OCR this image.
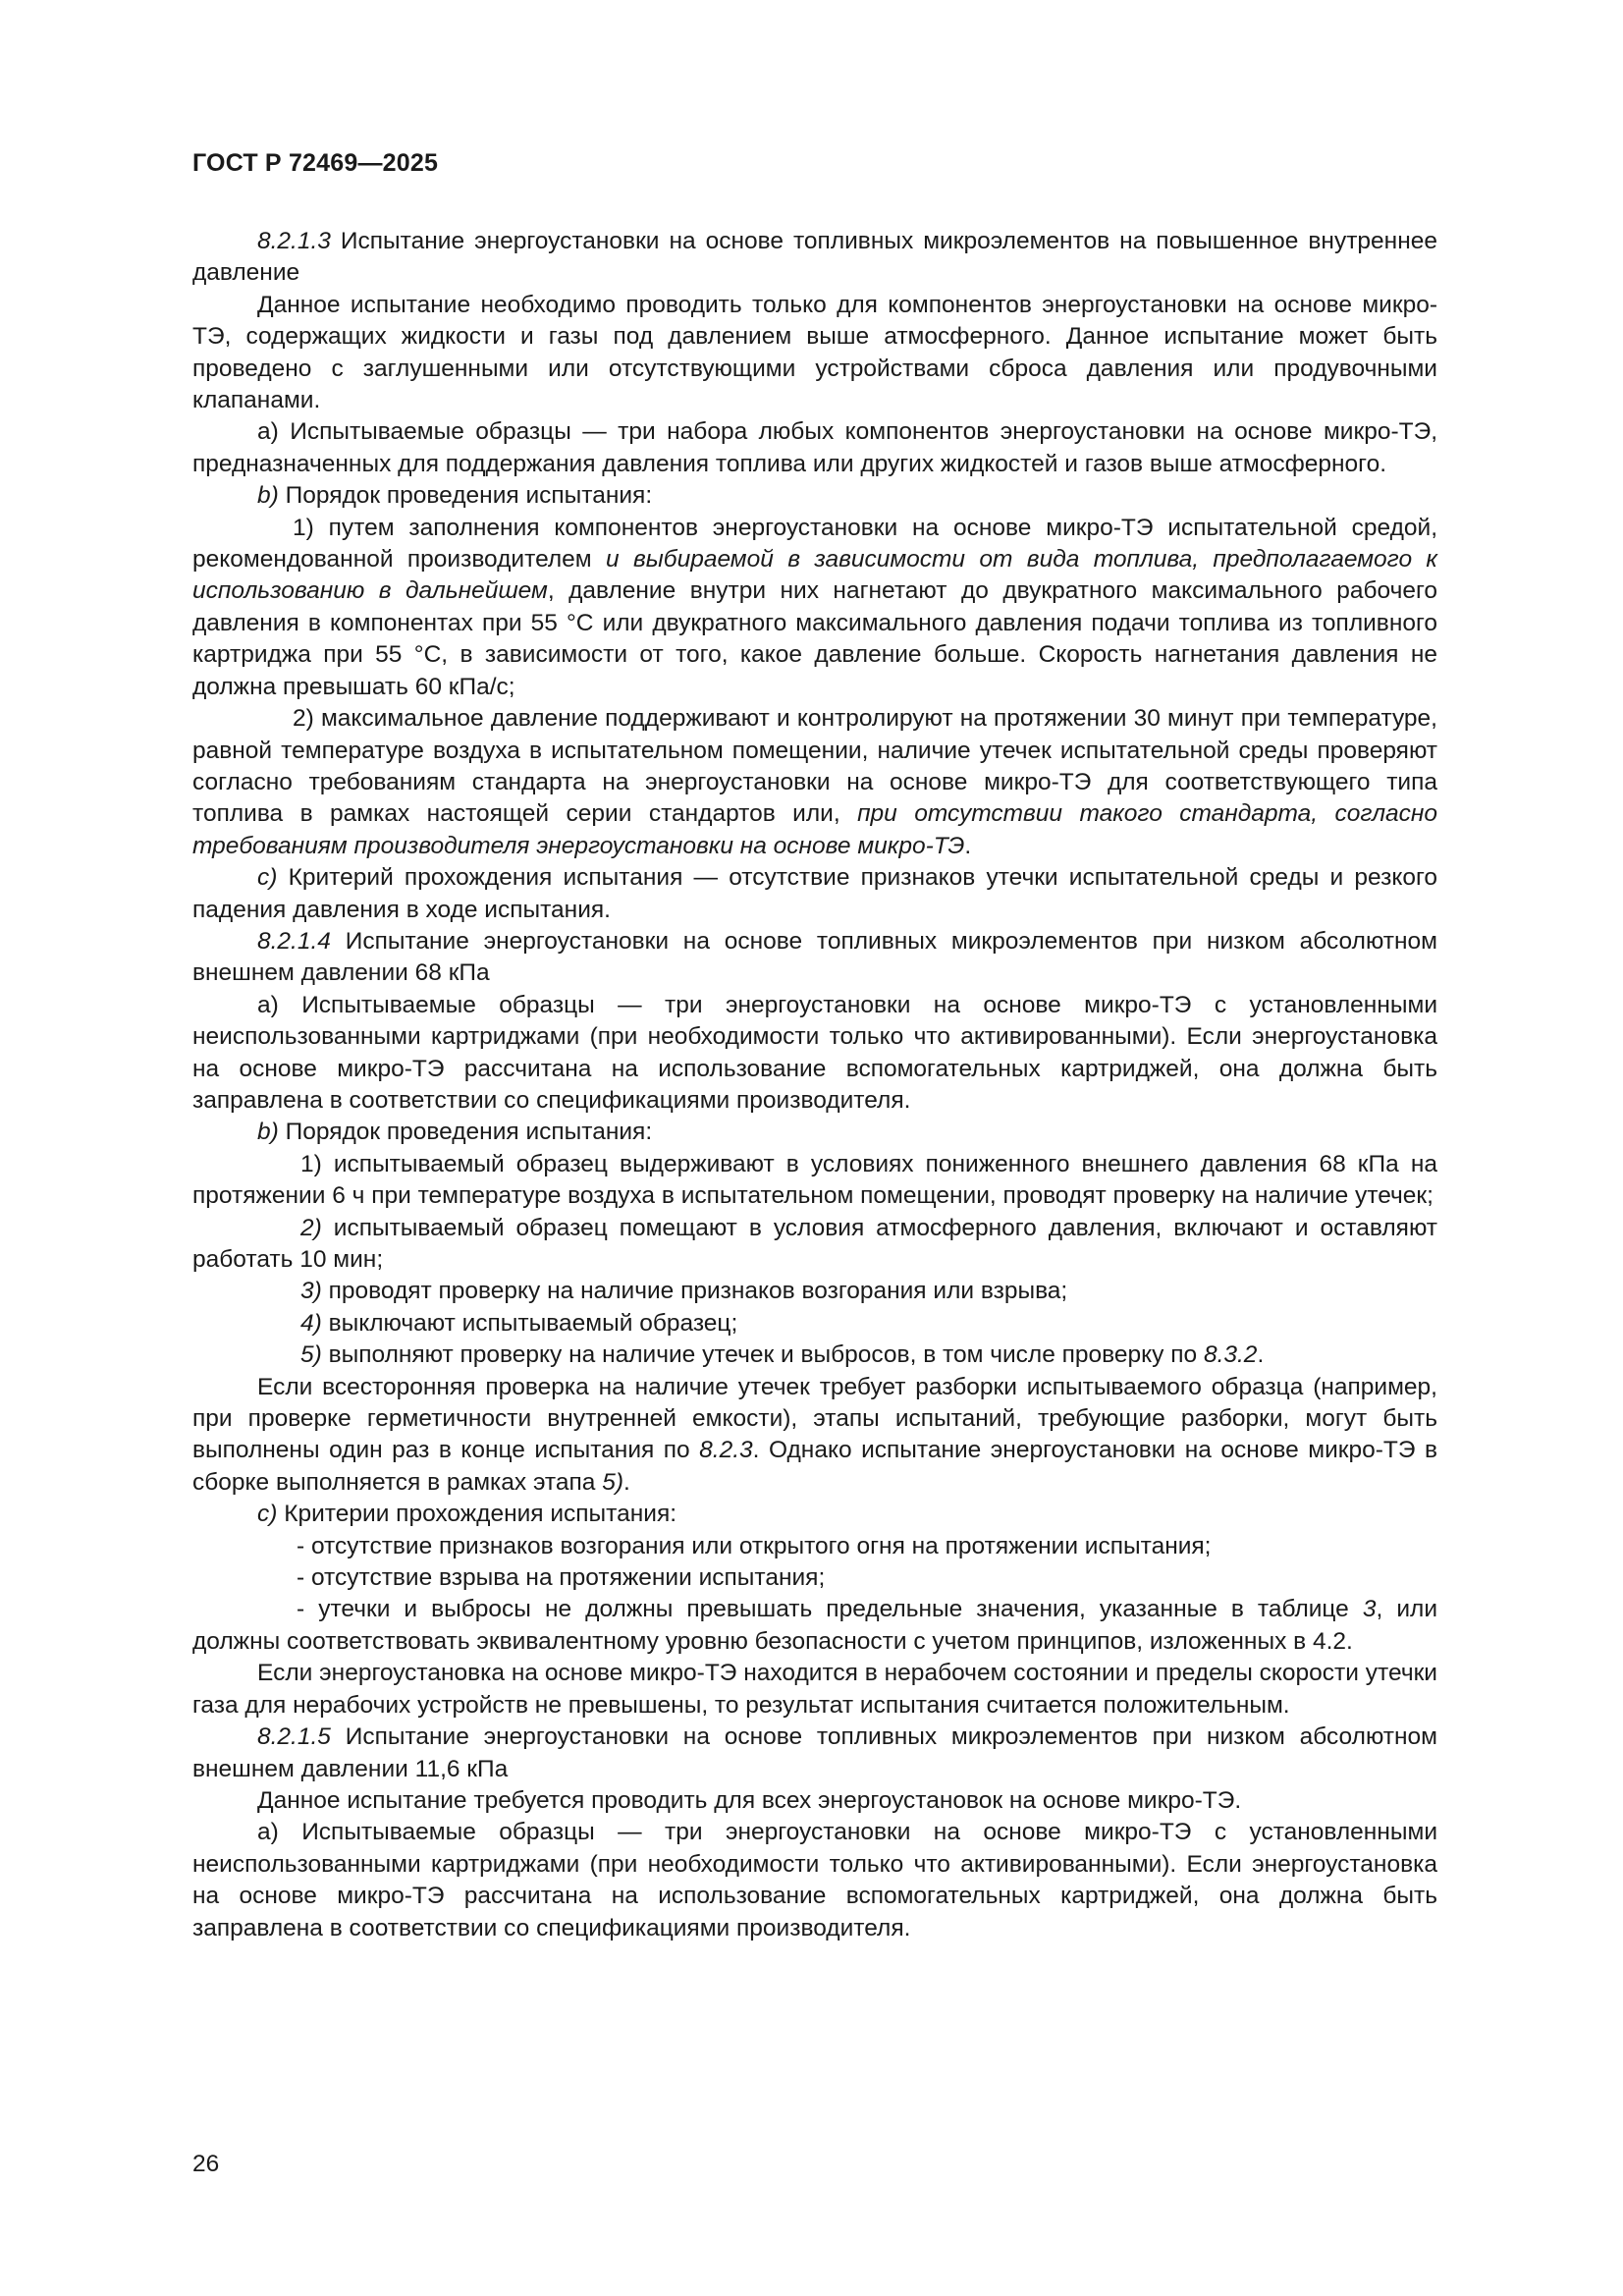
ГОСТ Р 72469—2025

8.2.1.3 Испытание энергоустановки на основе топливных микроэлементов на повышенное внутреннее давление

Данное испытание необходимо проводить только для компонентов энергоустановки на основе микро-ТЭ, содержащих жидкости и газы под давлением выше атмосферного. Данное испытание может быть проведено с заглушенными или отсутствующими устройствами сброса давления или продувочными клапанами.

а) Испытываемые образцы — три набора любых компонентов энергоустановки на основе микро-ТЭ, предназначенных для поддержания давления топлива или других жидкостей и газов выше атмосферного.

b) Порядок проведения испытания:

1) путем заполнения компонентов энергоустановки на основе микро-ТЭ испытательной средой, рекомендованной производителем и выбираемой в зависимости от вида топлива, предполагаемого к использованию в дальнейшем, давление внутри них нагнетают до двукратного максимального рабочего давления в компонентах при 55 °С или двукратного максимального давления подачи топлива из топливного картриджа при 55 °С, в зависимости от того, какое давление больше. Скорость нагнетания давления не должна превышать 60 кПа/с;

2) максимальное давление поддерживают и контролируют на протяжении 30 минут при температуре, равной температуре воздуха в испытательном помещении, наличие утечек испытательной среды проверяют согласно требованиям стандарта на энергоустановки на основе микро-ТЭ для соответствующего типа топлива в рамках настоящей серии стандартов или, при отсутствии такого стандарта, согласно требованиям производителя энергоустановки на основе микро-ТЭ.

c) Критерий прохождения испытания — отсутствие признаков утечки испытательной среды и резкого падения давления в ходе испытания.

8.2.1.4 Испытание энергоустановки на основе топливных микроэлементов при низком абсолютном внешнем давлении 68 кПа

а) Испытываемые образцы — три энергоустановки на основе микро-ТЭ с установленными неиспользованными картриджами (при необходимости только что активированными). Если энергоустановка на основе микро-ТЭ рассчитана на использование вспомогательных картриджей, она должна быть заправлена в соответствии со спецификациями производителя.

b) Порядок проведения испытания:

1) испытываемый образец выдерживают в условиях пониженного внешнего давления 68 кПа на протяжении 6 ч при температуре воздуха в испытательном помещении, проводят проверку на наличие утечек;

2) испытываемый образец помещают в условия атмосферного давления, включают и оставляют работать 10 мин;

3) проводят проверку на наличие признаков возгорания или взрыва;

4) выключают испытываемый образец;

5) выполняют проверку на наличие утечек и выбросов, в том числе проверку по 8.3.2.

Если всесторонняя проверка на наличие утечек требует разборки испытываемого образца (например, при проверке герметичности внутренней емкости), этапы испытаний, требующие разборки, могут быть выполнены один раз в конце испытания по 8.2.3. Однако испытание энергоустановки на основе микро-ТЭ в сборке выполняется в рамках этапа 5).

c) Критерии прохождения испытания:

- отсутствие признаков возгорания или открытого огня на протяжении испытания;

- отсутствие взрыва на протяжении испытания;

- утечки и выбросы не должны превышать предельные значения, указанные в таблице 3, или должны соответствовать эквивалентному уровню безопасности с учетом принципов, изложенных в 4.2.

Если энергоустановка на основе микро-ТЭ находится в нерабочем состоянии и пределы скорости утечки газа для нерабочих устройств не превышены, то результат испытания считается положительным.

8.2.1.5 Испытание энергоустановки на основе топливных микроэлементов при низком абсолютном внешнем давлении 11,6 кПа

Данное испытание требуется проводить для всех энергоустановок на основе микро-ТЭ.

а) Испытываемые образцы — три энергоустановки на основе микро-ТЭ с установленными неиспользованными картриджами (при необходимости только что активированными). Если энергоустановка на основе микро-ТЭ рассчитана на использование вспомогательных картриджей, она должна быть заправлена в соответствии со спецификациями производителя.

26
